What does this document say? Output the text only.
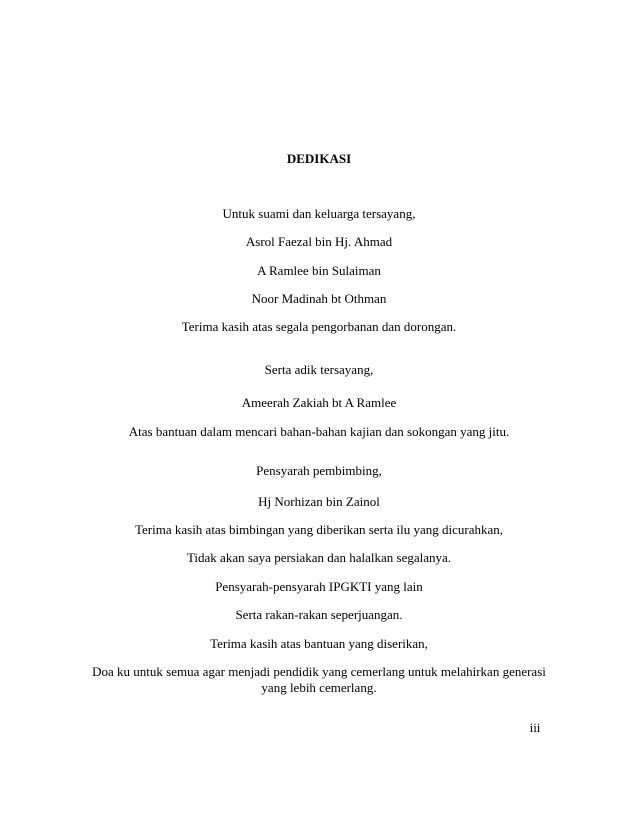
DEDIKASI
Untuk suami dan keluarga tersayang,
Asrol Faezal bin Hj. Ahmad
A Ramlee bin Sulaiman
Noor Madinah bt Othman
Terima kasih atas segala pengorbanan dan dorongan.
Serta adik tersayang,
Ameerah Zakiah bt A Ramlee
Atas bantuan dalam mencari bahan-bahan kajian dan sokongan yang jitu.
Pensyarah pembimbing,
Hj Norhizan bin Zainol
Terima kasih atas bimbingan yang diberikan serta ilu yang dicurahkan,
Tidak akan saya persiakan dan halalkan segalanya.
Pensyarah-pensyarah IPGKTI yang lain
Serta rakan-rakan seperjuangan.
Terima kasih atas bantuan yang diserikan,
Doa ku untuk semua agar menjadi pendidik yang cemerlang untuk melahirkan generasi
yang lebih cemerlang.
iii
